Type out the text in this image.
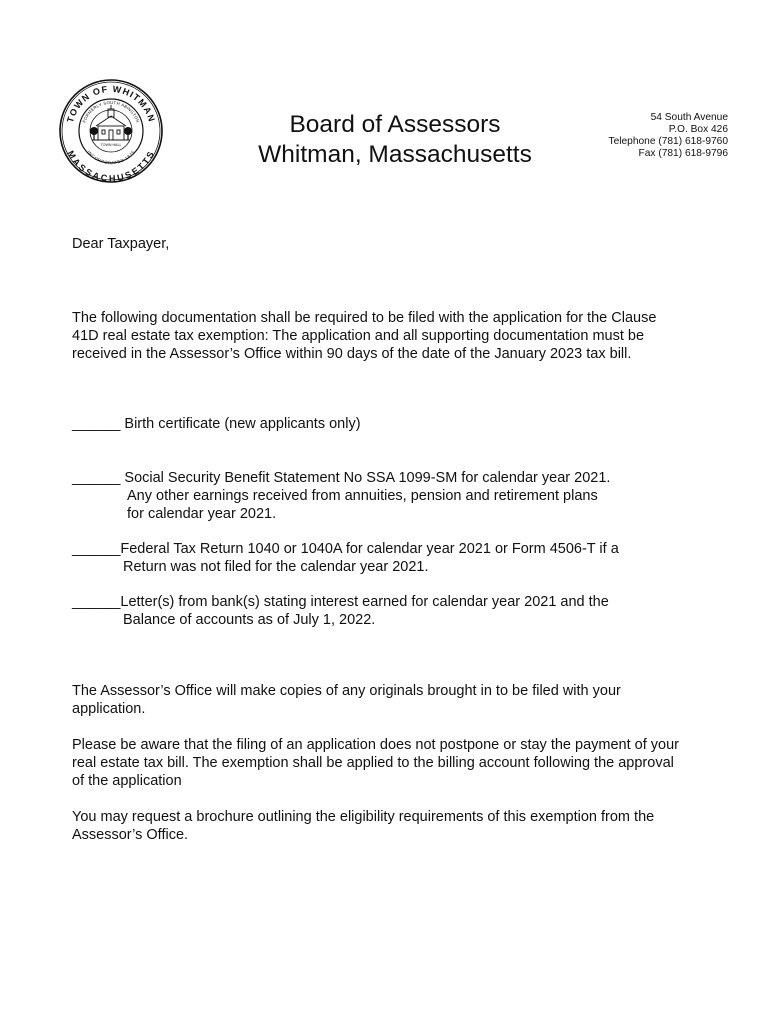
TOWN OF WHITMAN
MASSACHUSETTS
FORMERLY SOUTH ABINGTON
INCORPORATED 1875
TOWN HALL
Board of Assessors
Whitman, Massachusetts
54 South Avenue
P.O. Box 426
Telephone (781) 618-9760
Fax (781) 618-9796
Dear Taxpayer,

The following documentation shall be required to be filed with the application for the Clause 41D real estate tax exemption: The application and all supporting documentation must be received in the Assessor’s Office within 90 days of the date of the January 2023 tax bill.

______ Birth certificate (new applicants only)
______ Social Security Benefit Statement No SSA 1099-SM for calendar year 2021.
Any other earnings received from annuities, pension and retirement plans
for calendar year 2021.
______Federal Tax Return 1040 or 1040A for calendar year 2021 or Form 4506-T if a
Return was not filed for the calendar year 2021.
______Letter(s) from bank(s) stating interest earned for calendar year 2021 and the
Balance of accounts as of July 1, 2022.

The Assessor’s Office will make copies of any originals brought in to be filed with your application.

Please be aware that the filing of an application does not postpone or stay the payment of your real estate tax bill. The exemption shall be applied to the billing account following the approval of the application

You may request a brochure outlining the eligibility requirements of this exemption from the Assessor’s Office.
